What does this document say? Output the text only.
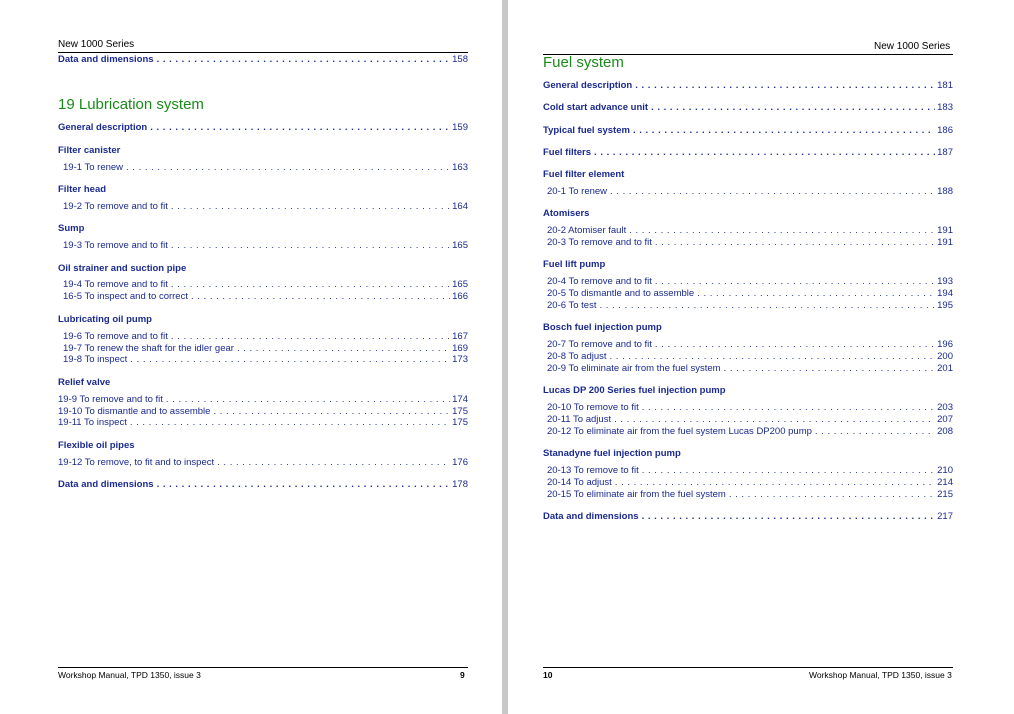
New 1000 Series
Data and dimensions . . .	158
19 Lubrication system
General description . . .	159
Filter canister
19-1 To renew . . .	163
Filter head
19-2 To remove and to fit . . .	164
Sump
19-3 To remove and to fit . . .	165
Oil strainer and suction pipe
19-4 To remove and to fit . . .	165
16-5 To inspect and to correct . . .	166
Lubricating oil pump
19-6 To remove and to fit . . .	167
19-7 To renew the shaft for the idler gear . . .	169
19-8 To inspect . . .	173
Relief valve
19-9 To remove and to fit . . .	174
19-10 To dismantle and to assemble . . .	175
19-11 To inspect . . .	175
Flexible oil pipes
19-12 To remove, to fit and to inspect . . .	176
Data and dimensions . . .	178
Workshop Manual, TPD 1350, issue 3	9
New 1000 Series
Fuel system
General description . . .	181
Cold start advance unit . . .	183
Typical fuel system . . .	186
Fuel filters . . .	187
Fuel filter element
20-1 To renew . . .	188
Atomisers
20-2 Atomiser fault . . .	191
20-3 To remove and to fit . . .	191
Fuel lift pump
20-4 To remove and to fit . . .	193
20-5 To dismantle and to assemble . . .	194
20-6 To test . . .	195
Bosch fuel injection pump
20-7 To remove and to fit . . .	196
20-8 To adjust . . .	200
20-9 To eliminate air from the fuel system . . .	201
Lucas DP 200 Series fuel injection pump
20-10 To remove to fit . . .	203
20-11 To adjust . . .	207
20-12 To eliminate air from the fuel system Lucas DP200 pump . . .	208
Stanadyne fuel injection pump
20-13 To remove to fit . . .	210
20-14 To adjust . . .	214
20-15 To eliminate air from the fuel system . . .	215
Data and dimensions . . .	217
10	Workshop Manual, TPD 1350, issue 3
